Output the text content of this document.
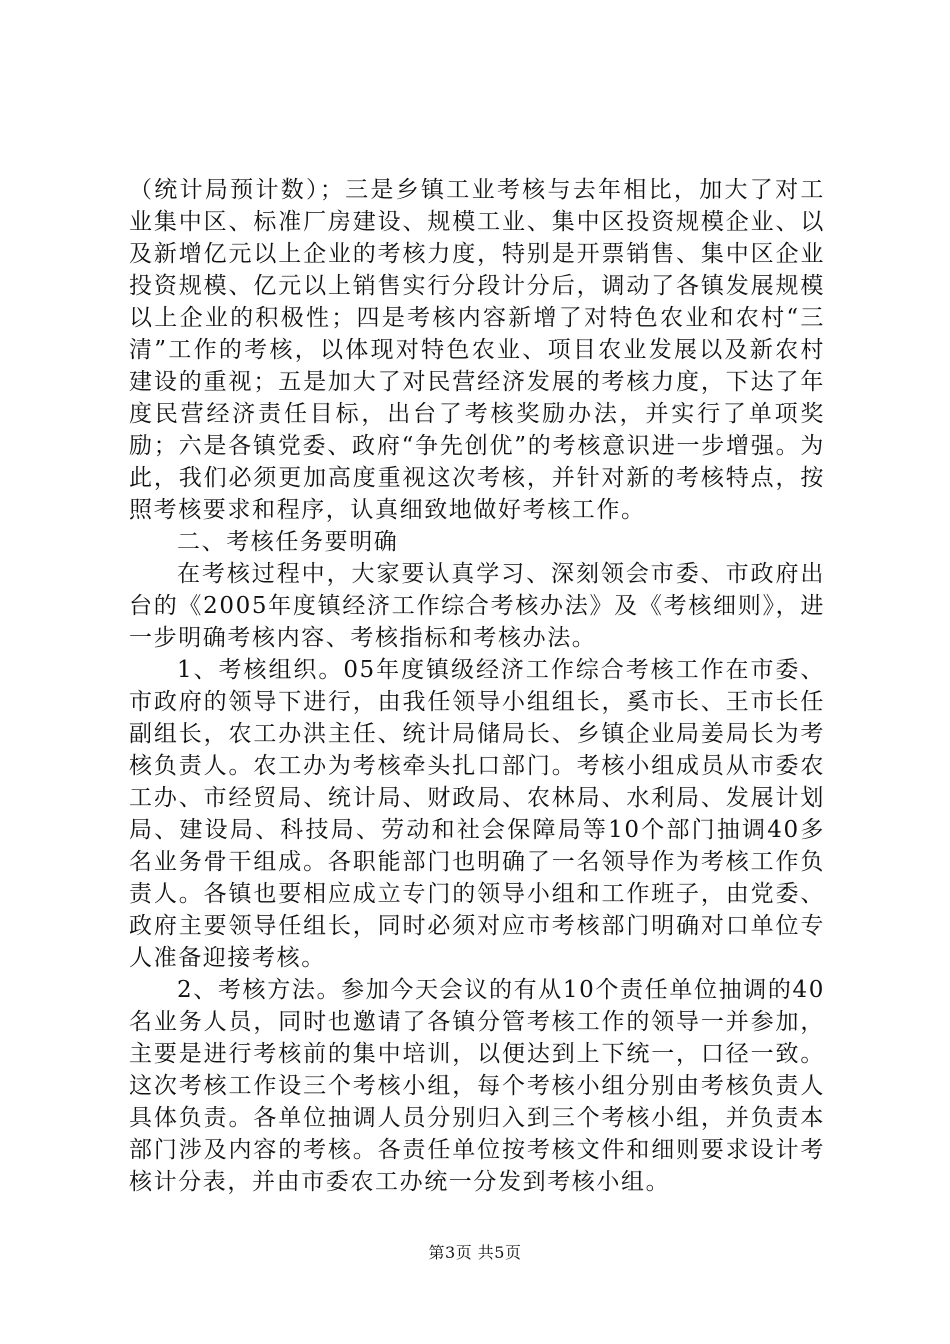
（统计局预计数）；三是乡镇工业考核与去年相比，加大了对工业集中区、标准厂房建设、规模工业、集中区投资规模企业、以及新增亿元以上企业的考核力度，特别是开票销售、集中区企业投资规模、亿元以上销售实行分段计分后，调动了各镇发展规模以上企业的积极性；四是考核内容新增了对特色农业和农村“三清”工作的考核，以体现对特色农业、项目农业发展以及新农村建设的重视；五是加大了对民营经济发展的考核力度，下达了年度民营经济责任目标，出台了考核奖励办法，并实行了单项奖励；六是各镇党委、政府“争先创优”的考核意识进一步增强。为此，我们必须更加高度重视这次考核，并针对新的考核特点，按照考核要求和程序，认真细致地做好考核工作。

二、考核任务要明确

在考核过程中，大家要认真学习、深刻领会市委、市政府出台的《2005年度镇经济工作综合考核办法》及《考核细则》，进一步明确考核内容、考核指标和考核办法。

1、考核组织。05年度镇级经济工作综合考核工作在市委、市政府的领导下进行，由我任领导小组组长，奚市长、王市长任副组长，农工办洪主任、统计局储局长、乡镇企业局姜局长为考核负责人。农工办为考核牵头扎口部门。考核小组成员从市委农工办、市经贸局、统计局、财政局、农林局、水利局、发展计划局、建设局、科技局、劳动和社会保障局等10个部门抽调40多名业务骨干组成。各职能部门也明确了一名领导作为考核工作负责人。各镇也要相应成立专门的领导小组和工作班子，由党委、政府主要领导任组长，同时必须对应市考核部门明确对口单位专人准备迎接考核。

2、考核方法。参加今天会议的有从10个责任单位抽调的40名业务人员，同时也邀请了各镇分管考核工作的领导一并参加，主要是进行考核前的集中培训，以便达到上下统一，口径一致。这次考核工作设三个考核小组，每个考核小组分别由考核负责人具体负责。各单位抽调人员分别归入到三个考核小组，并负责本部门涉及内容的考核。各责任单位按考核文件和细则要求设计考核计分表，并由市委农工办统一分发到考核小组。

第3页 共5页
